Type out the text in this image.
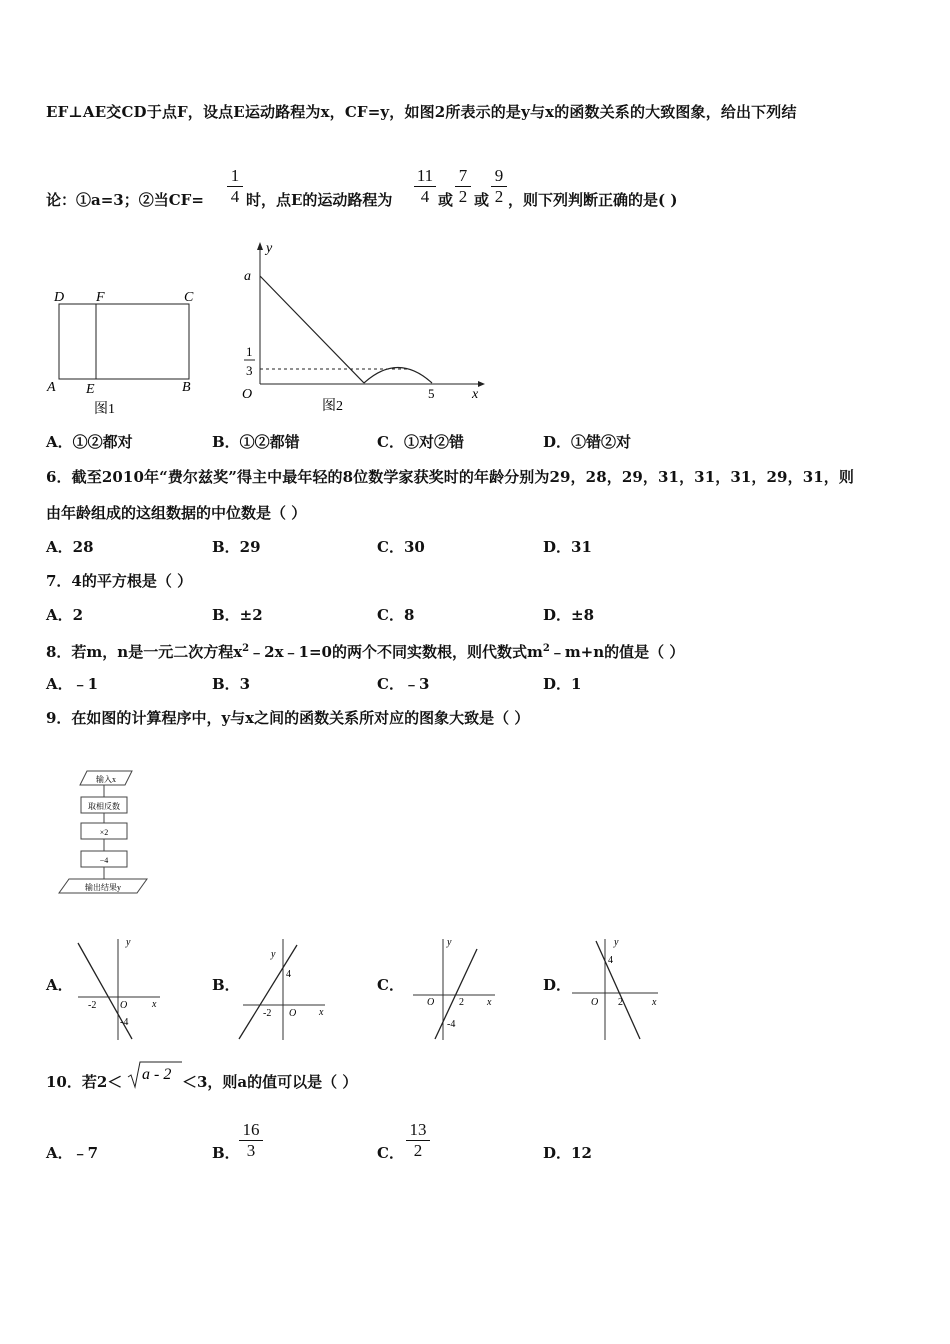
EF⊥AE交CD于点F，设点E运动路程为x，CF=y，如图2所表示的是y与x的函数关系的大致图象，给出下列结
论：①a=3；②当$CF= \frac{1}{4}$ 时，点E的运动路程为 $\frac{11}{4}$ 或 $\frac{7}{2}$ 或 $\frac{9}{2}$ ，则下列判断正确的是( )
D F	C
A E	B
图1
y
a
1
3
O	5	x
图2
A．①②都对	B．①②都错	C．①对②错	D．①错②对
6．截至2010年“费尔兹奖”得主中最年轻的8位数学家获奖时的年龄分别为29，28，29，31，31，31，29，31，则
由年龄组成的这组数据的中位数是（ ）
A．28	B．29	C．30	D．31
7．4的平方根是（ ）
A．2	B．±2	C．8	D．±8
8．若m，n是一元二次方程$x^2﹣2x﹣1=0$的两个不同实数根，则代数式$m^2﹣m+n$的值是（ ）
A．﹣1	B．3	C．﹣3	D．1
9．在如图的计算程序中，y与x之间的函数关系所对应的图象大致是（ ）
输入x
取相反数
×2
−4
输出结果y
A．
y
x
O
-2
-4
B．
y
x
O
-2
4
C．
y
x
O 2
-4
D．
y
x
O 2
4
10．若2＜ a - 2 ＜3，则a的值可以是（ ）
A．﹣7	B． $\frac{16}{3}$	C． $\frac{13}{2}$	D．12
